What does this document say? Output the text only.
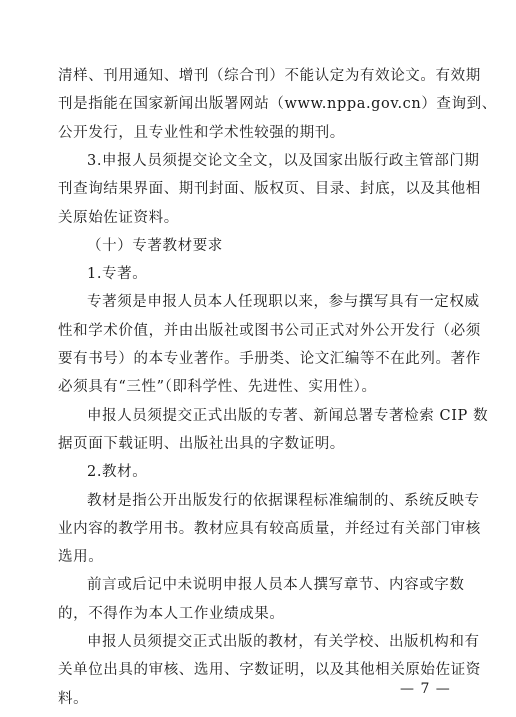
清样、刊用通知、增刊（综合刊）不能认定为有效论文。有效期
刊是指能在国家新闻出版署网站（www.nppa.gov.cn）查询到、
公开发行，且专业性和学术性较强的期刊。
3.申报人员须提交论文全文，以及国家出版行政主管部门期
刊查询结果界面、期刊封面、版权页、目录、封底，以及其他相
关原始佐证资料。
（十）专著教材要求
1.专著。
专著须是申报人员本人任现职以来，参与撰写具有一定权威
性和学术价值，并由出版社或图书公司正式对外公开发行（必须
要有书号）的本专业著作。手册类、论文汇编等不在此列。著作
必须具有“三性”（即科学性、先进性、实用性）。
申报人员须提交正式出版的专著、新闻总署专著检索 CIP 数
据页面下载证明、出版社出具的字数证明。
2.教材。
教材是指公开出版发行的依据课程标准编制的、系统反映专
业内容的教学用书。教材应具有较高质量，并经过有关部门审核
选用。
前言或后记中未说明申报人员本人撰写章节、内容或字数
的，不得作为本人工作业绩成果。
申报人员须提交正式出版的教材，有关学校、出版机构和有
关单位出具的审核、选用、字数证明，以及其他相关原始佐证资
料。
— 7 —
